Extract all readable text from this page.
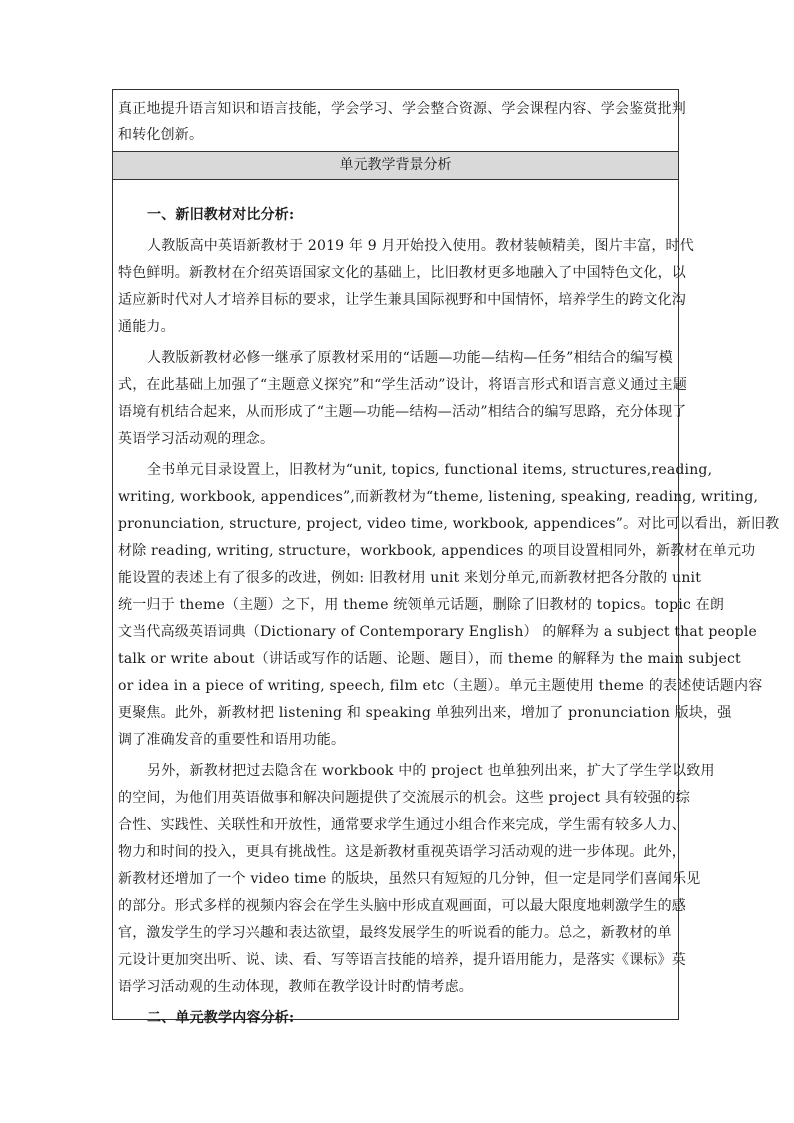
真正地提升语言知识和语言技能，学会学习、学会整合资源、学会课程内容、学会鉴赏批判
和转化创新。

单元教学背景分析
一、新旧教材对比分析:
人教版高中英语新教材于 2019 年 9 月开始投入使用。教材装帧精美，图片丰富，时代
特色鲜明。新教材在介绍英语国家文化的基础上，比旧教材更多地融入了中国特色文化，以
适应新时代对人才培养目标的要求，让学生兼具国际视野和中国情怀，培养学生的跨文化沟
通能力。
人教版新教材必修一继承了原教材采用的“话题—功能—结构—任务”相结合的编写模
式，在此基础上加强了“主题意义探究”和“学生活动”设计，将语言形式和语言意义通过主题
语境有机结合起来，从而形成了“主题—功能—结构—活动”相结合的编写思路，充分体现了
英语学习活动观的理念。
全书单元目录设置上，旧教材为“unit, topics, functional items, structures,reading,
writing, workbook, appendices”,而新教材为“theme, listening, speaking, reading, writing,
pronunciation, structure, project, video time, workbook, appendices”。对比可以看出，新旧教
材除 reading, writing, structure，workbook, appendices 的项目设置相同外，新教材在单元功
能设置的表述上有了很多的改进，例如: 旧教材用 unit 来划分单元,而新教材把各分散的 unit
统一归于 theme（主题）之下，用 theme 统领单元话题，删除了旧教材的 topics。topic 在朗
文当代高级英语词典（Dictionary of Contemporary English） 的解释为 a subject that people
talk or write about（讲话或写作的话题、论题、题目），而 theme 的解释为 the main subject
or idea in a piece of writing, speech, film etc（主题）。单元主题使用 theme 的表述使话题内容
更聚焦。此外，新教材把 listening 和 speaking 单独列出来，增加了 pronunciation 版块，强
调了准确发音的重要性和语用功能。
另外，新教材把过去隐含在 workbook 中的 project 也单独列出来，扩大了学生学以致用
的空间，为他们用英语做事和解决问题提供了交流展示的机会。这些 project 具有较强的综
合性、实践性、关联性和开放性，通常要求学生通过小组合作来完成，学生需有较多人力、
物力和时间的投入，更具有挑战性。这是新教材重视英语学习活动观的进一步体现。此外，
新教材还增加了一个 video time 的版块，虽然只有短短的几分钟，但一定是同学们喜闻乐见
的部分。形式多样的视频内容会在学生头脑中形成直观画面，可以最大限度地刺激学生的感
官，激发学生的学习兴趣和表达欲望，最终发展学生的听说看的能力。总之，新教材的单
元设计更加突出听、说、读、看、写等语言技能的培养，提升语用能力，是落实《课标》英
语学习活动观的生动体现，教师在教学设计时酌情考虑。
二、单元教学内容分析:
